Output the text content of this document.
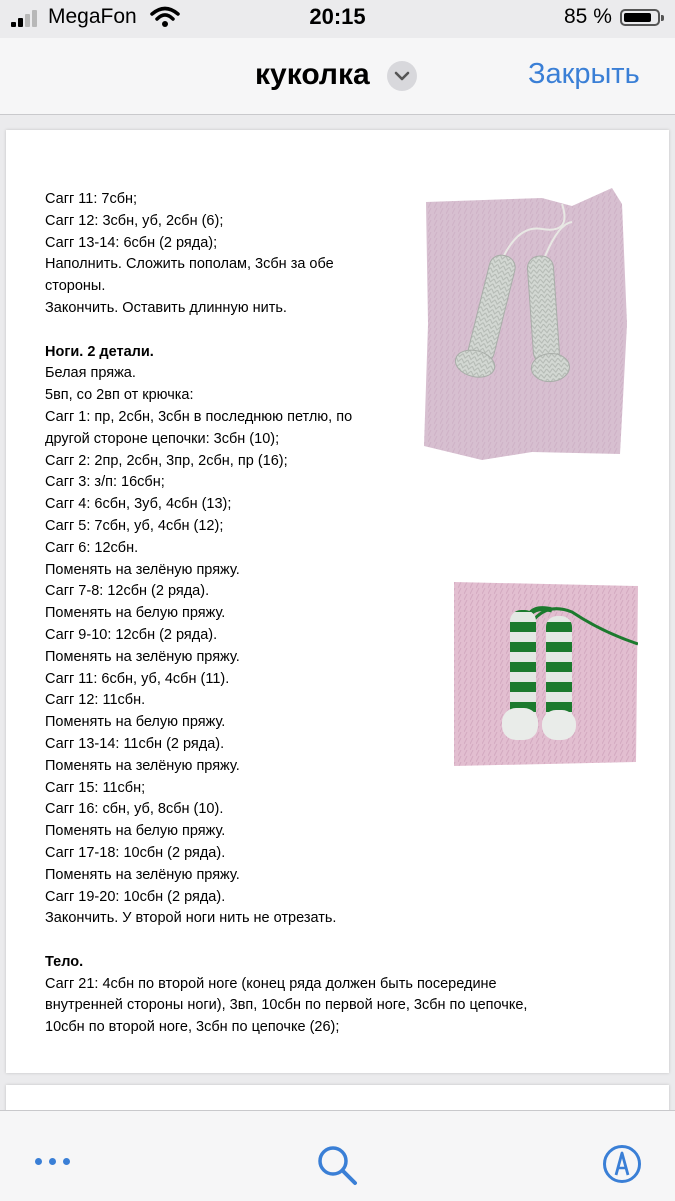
MegaFon	20:15	85 %
куколка	Закрыть
Сагг 11: 7сбн;
Сагг 12: 3сбн, уб, 2сбн (6);
Сагг 13-14: 6сбн (2 ряда);
Наполнить. Сложить пополам, 3сбн за обе
стороны.
Закончить. Оставить длинную нить.
Ноги. 2 детали.
Белая пряжа.
5вп, со 2вп от крючка:
Сагг 1: пр, 2сбн, 3сбн в последнюю петлю, по
другой стороне цепочки: 3сбн (10);
Сагг 2: 2пр, 2сбн, 3пр, 2сбн, пр (16);
Сагг 3: з/п: 16сбн;
Сагг 4: 6сбн, 3уб, 4сбн (13);
Сагг 5: 7сбн, уб, 4сбн (12);
Сагг 6: 12сбн.
Поменять на зелёную пряжу.
Сагг 7-8: 12сбн (2 ряда).
Поменять на белую пряжу.
Сагг 9-10: 12сбн (2 ряда).
Поменять на зелёную пряжу.
Сагг 11: 6сбн, уб, 4сбн (11).
Сагг 12: 11сбн.
Поменять на белую пряжу.
Сагг 13-14: 11сбн (2 ряда).
Поменять на зелёную пряжу.
Сагг 15: 11сбн;
Сагг 16: сбн, уб, 8сбн (10).
Поменять на белую пряжу.
Сагг 17-18: 10сбн (2 ряда).
Поменять на зелёную пряжу.
Сагг 19-20: 10сбн (2 ряда).
Закончить. У второй ноги нить не отрезать.
Тело.
Сагг 21: 4сбн по второй ноге (конец ряда должен быть посередине
внутренней стороны ноги), 3вп, 10сбн по первой ноге, 3сбн по цепочке,
10сбн по второй ноге, 3сбн по цепочке (26);
